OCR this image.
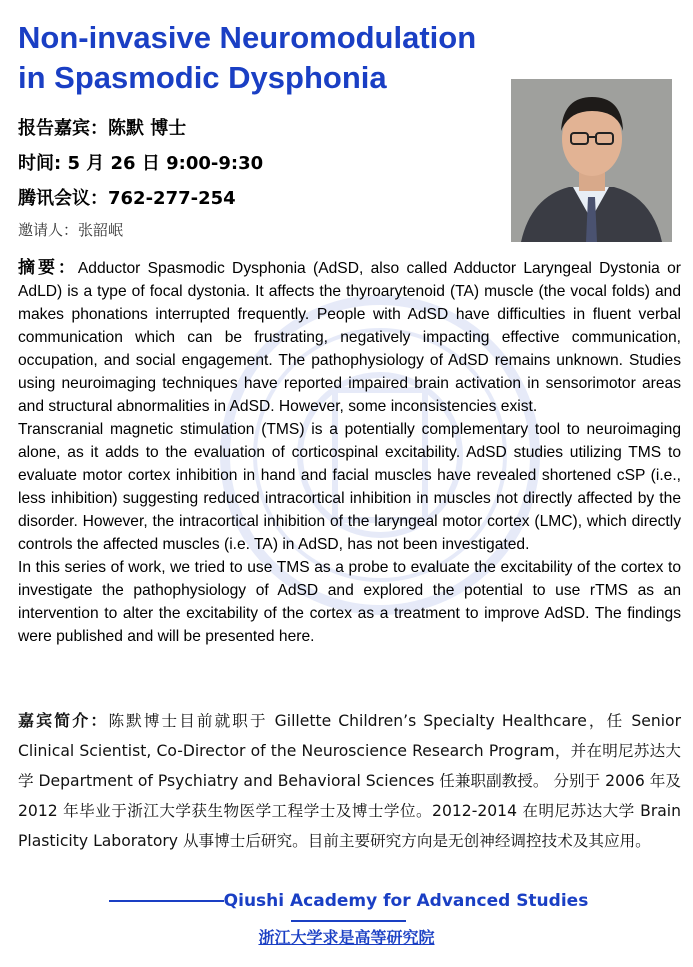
Non-invasive Neuromodulation in Spasmodic Dysphonia
报告嘉宾：陈默 博士
时间: 5 月 26 日 9:00-9:30
腾讯会议：762-277-254
邀请人：张韶岷

摘要：Adductor Spasmodic Dysphonia (AdSD, also called Adductor Laryngeal Dystonia or AdLD) is a type of focal dystonia. It affects the thyroarytenoid (TA) muscle (the vocal folds) and makes phonations interrupted frequently. People with AdSD have difficulties in fluent verbal communication which can be frustrating, negatively impacting effective communication, occupation, and social engagement. The pathophysiology of AdSD remains unknown. Studies using neuroimaging techniques have reported impaired brain activation in sensorimotor areas and structural abnormalities in AdSD. However, some inconsistencies exist.

Transcranial magnetic stimulation (TMS) is a potentially complementary tool to neuroimaging alone, as it adds to the evaluation of corticospinal excitability. AdSD studies utilizing TMS to evaluate motor cortex inhibition in hand and facial muscles have revealed shortened cSP (i.e., less inhibition) suggesting reduced intracortical inhibition in muscles not directly affected by the disorder. However, the intracortical inhibition of the laryngeal motor cortex (LMC), which directly controls the affected muscles (i.e. TA) in AdSD, has not been investigated.

In this series of work, we tried to use TMS as a probe to evaluate the excitability of the cortex to investigate the pathophysiology of AdSD and explored the potential to use rTMS as an intervention to alter the excitability of the cortex as a treatment to improve AdSD. The findings were published and will be presented here.

嘉宾简介：陈默博士目前就职于 Gillette Children’s Specialty Healthcare，任 Senior Clinical Scientist, Co-Director of the Neuroscience Research Program，并在明尼苏达大学 Department of Psychiatry and Behavioral Sciences 任兼职副教授。 分别于 2006 年及 2012 年毕业于浙江大学获生物医学工程学士及博士学位。2012-2014 在明尼苏达大学 Brain Plasticity Laboratory 从事博士后研究。目前主要研究方向是无创神经调控技术及其应用。
Qiushi Academy for Advanced Studies
浙江大学求是高等研究院
